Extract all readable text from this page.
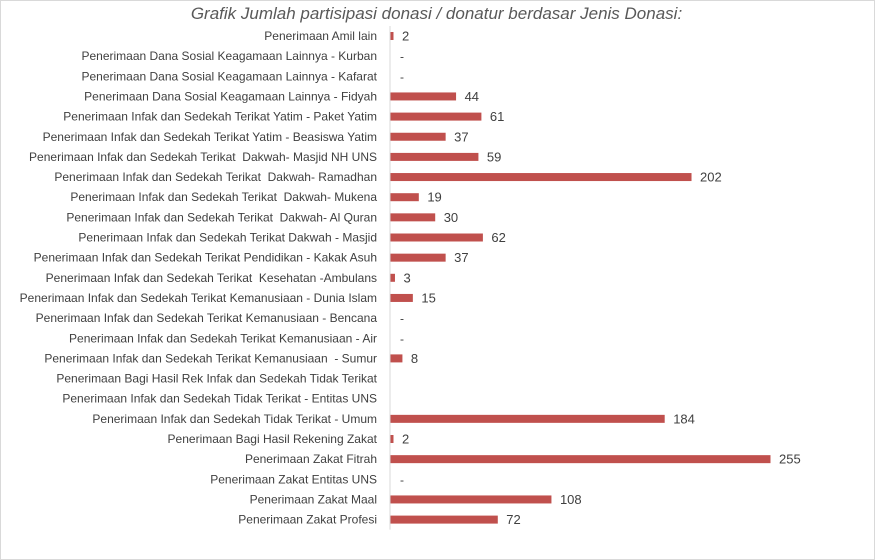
Grafik Jumlah partisipasi donasi / donatur berdasar Jenis Donasi:
Penerimaan Amil lain 2
Penerimaan Dana Sosial Keagamaan Lainnya - Kurban -
Penerimaan Dana Sosial Keagamaan Lainnya - Kafarat -
Penerimaan Dana Sosial Keagamaan Lainnya - Fidyah	44
Penerimaan Infak dan Sedekah Terikat Yatim - Paket Yatim	61
Penerimaan Infak dan Sedekah Terikat Yatim - Beasiswa Yatim	37
Penerimaan Infak dan Sedekah Terikat  Dakwah- Masjid NH UNS	59
Penerimaan Infak dan Sedekah Terikat  Dakwah- Ramadhan	202
Penerimaan Infak dan Sedekah Terikat  Dakwah- Mukena	19
Penerimaan Infak dan Sedekah Terikat  Dakwah- Al Quran	30
Penerimaan Infak dan Sedekah Terikat Dakwah - Masjid	62
Penerimaan Infak dan Sedekah Terikat Pendidikan - Kakak Asuh	37
Penerimaan Infak dan Sedekah Terikat  Kesehatan -Ambulans 3
Penerimaan Infak dan Sedekah Terikat Kemanusiaan - Dunia Islam	15
Penerimaan Infak dan Sedekah Terikat Kemanusiaan - Bencana -
Penerimaan Infak dan Sedekah Terikat Kemanusiaan - Air -
Penerimaan Infak dan Sedekah Terikat Kemanusiaan  - Sumur	8
Penerimaan Bagi Hasil Rek Infak dan Sedekah Tidak Terikat
Penerimaan Infak dan Sedekah Tidak Terikat - Entitas UNS
Penerimaan Infak dan Sedekah Tidak Terikat - Umum	184
Penerimaan Bagi Hasil Rekening Zakat 2
Penerimaan Zakat Fitrah	255
Penerimaan Zakat Entitas UNS -
Penerimaan Zakat Maal	108
Penerimaan Zakat Profesi	72
